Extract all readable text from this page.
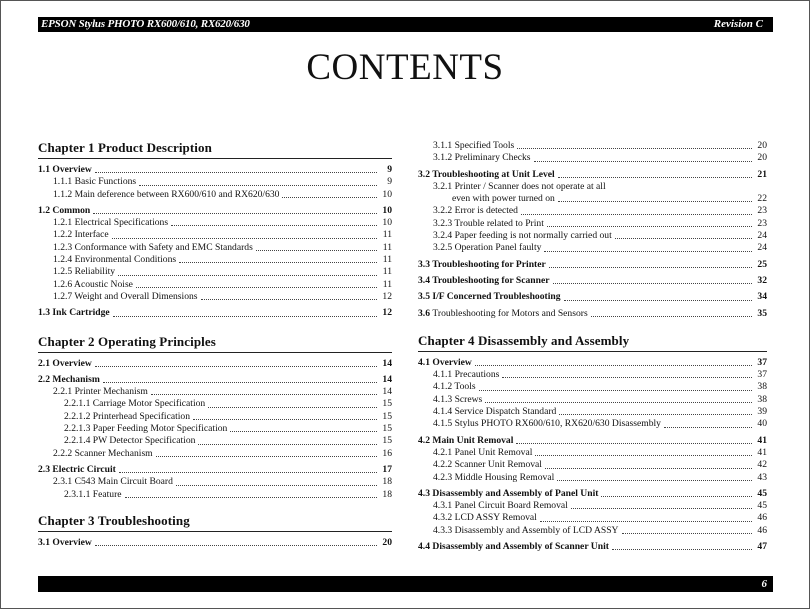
EPSON Stylus PHOTO RX600/610, RX620/630	Revision C
CONTENTS
Chapter 1 Product Description
1.1 Overview	9
1.1.1 Basic Functions	9
1.1.2 Main deference between RX600/610 and RX620/630	10
1.2 Common	10
1.2.1 Electrical Specifications	10
1.2.2 Interface	11
1.2.3 Conformance with Safety and EMC Standards	11
1.2.4 Environmental Conditions	11
1.2.5 Reliability	11
1.2.6 Acoustic Noise	11
1.2.7 Weight and Overall Dimensions	12
1.3 Ink Cartridge	12
Chapter 2 Operating Principles
2.1 Overview	14
2.2 Mechanism	14
2.2.1 Printer Mechanism	14
2.2.1.1 Carriage Motor Specification	15
2.2.1.2 Printerhead Specification	15
2.2.1.3 Paper Feeding Motor Specification	15
2.2.1.4 PW Detector Specification	15
2.2.2 Scanner Mechanism	16
2.3 Electric Circuit	17
2.3.1 C543 Main Circuit Board	18
2.3.1.1 Feature	18
Chapter 3 Troubleshooting
3.1 Overview	20
3.1.1 Specified Tools	20
3.1.2 Preliminary Checks	20
3.2 Troubleshooting at Unit Level	21
3.2.1 Printer / Scanner does not operate at all
even with power turned on	22
3.2.2 Error is detected	23
3.2.3 Trouble related to Print	23
3.2.4 Paper feeding is not normally carried out	24
3.2.5 Operation Panel faulty	24
3.3 Troubleshooting for Printer	25
3.4 Troubleshooting for Scanner	32
3.5 I/F Concerned Troubleshooting	34
3.6 Troubleshooting for Motors and Sensors	35
Chapter 4 Disassembly and Assembly
4.1 Overview	37
4.1.1 Precautions	37
4.1.2 Tools	38
4.1.3 Screws	38
4.1.4 Service Dispatch Standard	39
4.1.5 Stylus PHOTO RX600/610, RX620/630 Disassembly	40
4.2 Main Unit Removal	41
4.2.1 Panel Unit Removal	41
4.2.2 Scanner Unit Removal	42
4.2.3 Middle Housing Removal	43
4.3 Disassembly and Assembly of Panel Unit	45
4.3.1 Panel Circuit Board Removal	45
4.3.2 LCD ASSY Removal	46
4.3.3 Disassembly and Assembly of LCD ASSY	46
4.4 Disassembly and Assembly of Scanner Unit	47
6
